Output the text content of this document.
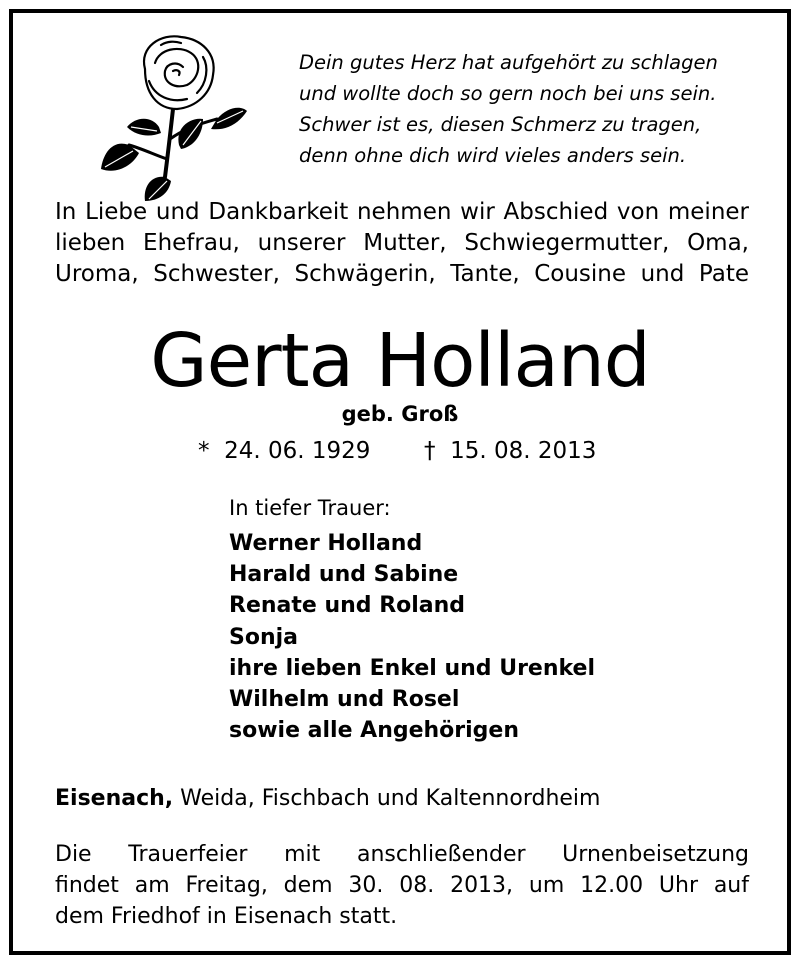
Dein gutes Herz hat aufgehört zu schlagen
und wollte doch so gern noch bei uns sein.
Schwer ist es, diesen Schmerz zu tragen,
denn ohne dich wird vieles anders sein.
In Liebe und Dankbarkeit nehmen wir Abschied von meiner
lieben Ehefrau, unserer Mutter, Schwiegermutter, Oma,
Uroma, Schwester, Schwägerin, Tante, Cousine und Pate
Gerta Holland
geb. Groß
* 24. 06. 1929 † 15. 08. 2013
In tiefer Trauer:
Werner Holland
Harald und Sabine
Renate und Roland
Sonja
ihre lieben Enkel und Urenkel
Wilhelm und Rosel
sowie alle Angehörigen
Eisenach, Weida, Fischbach und Kaltennordheim
Die Trauerfeier mit anschließender Urnenbeisetzung
findet am Freitag, dem 30. 08. 2013, um 12.00 Uhr auf
dem Friedhof in Eisenach statt.
